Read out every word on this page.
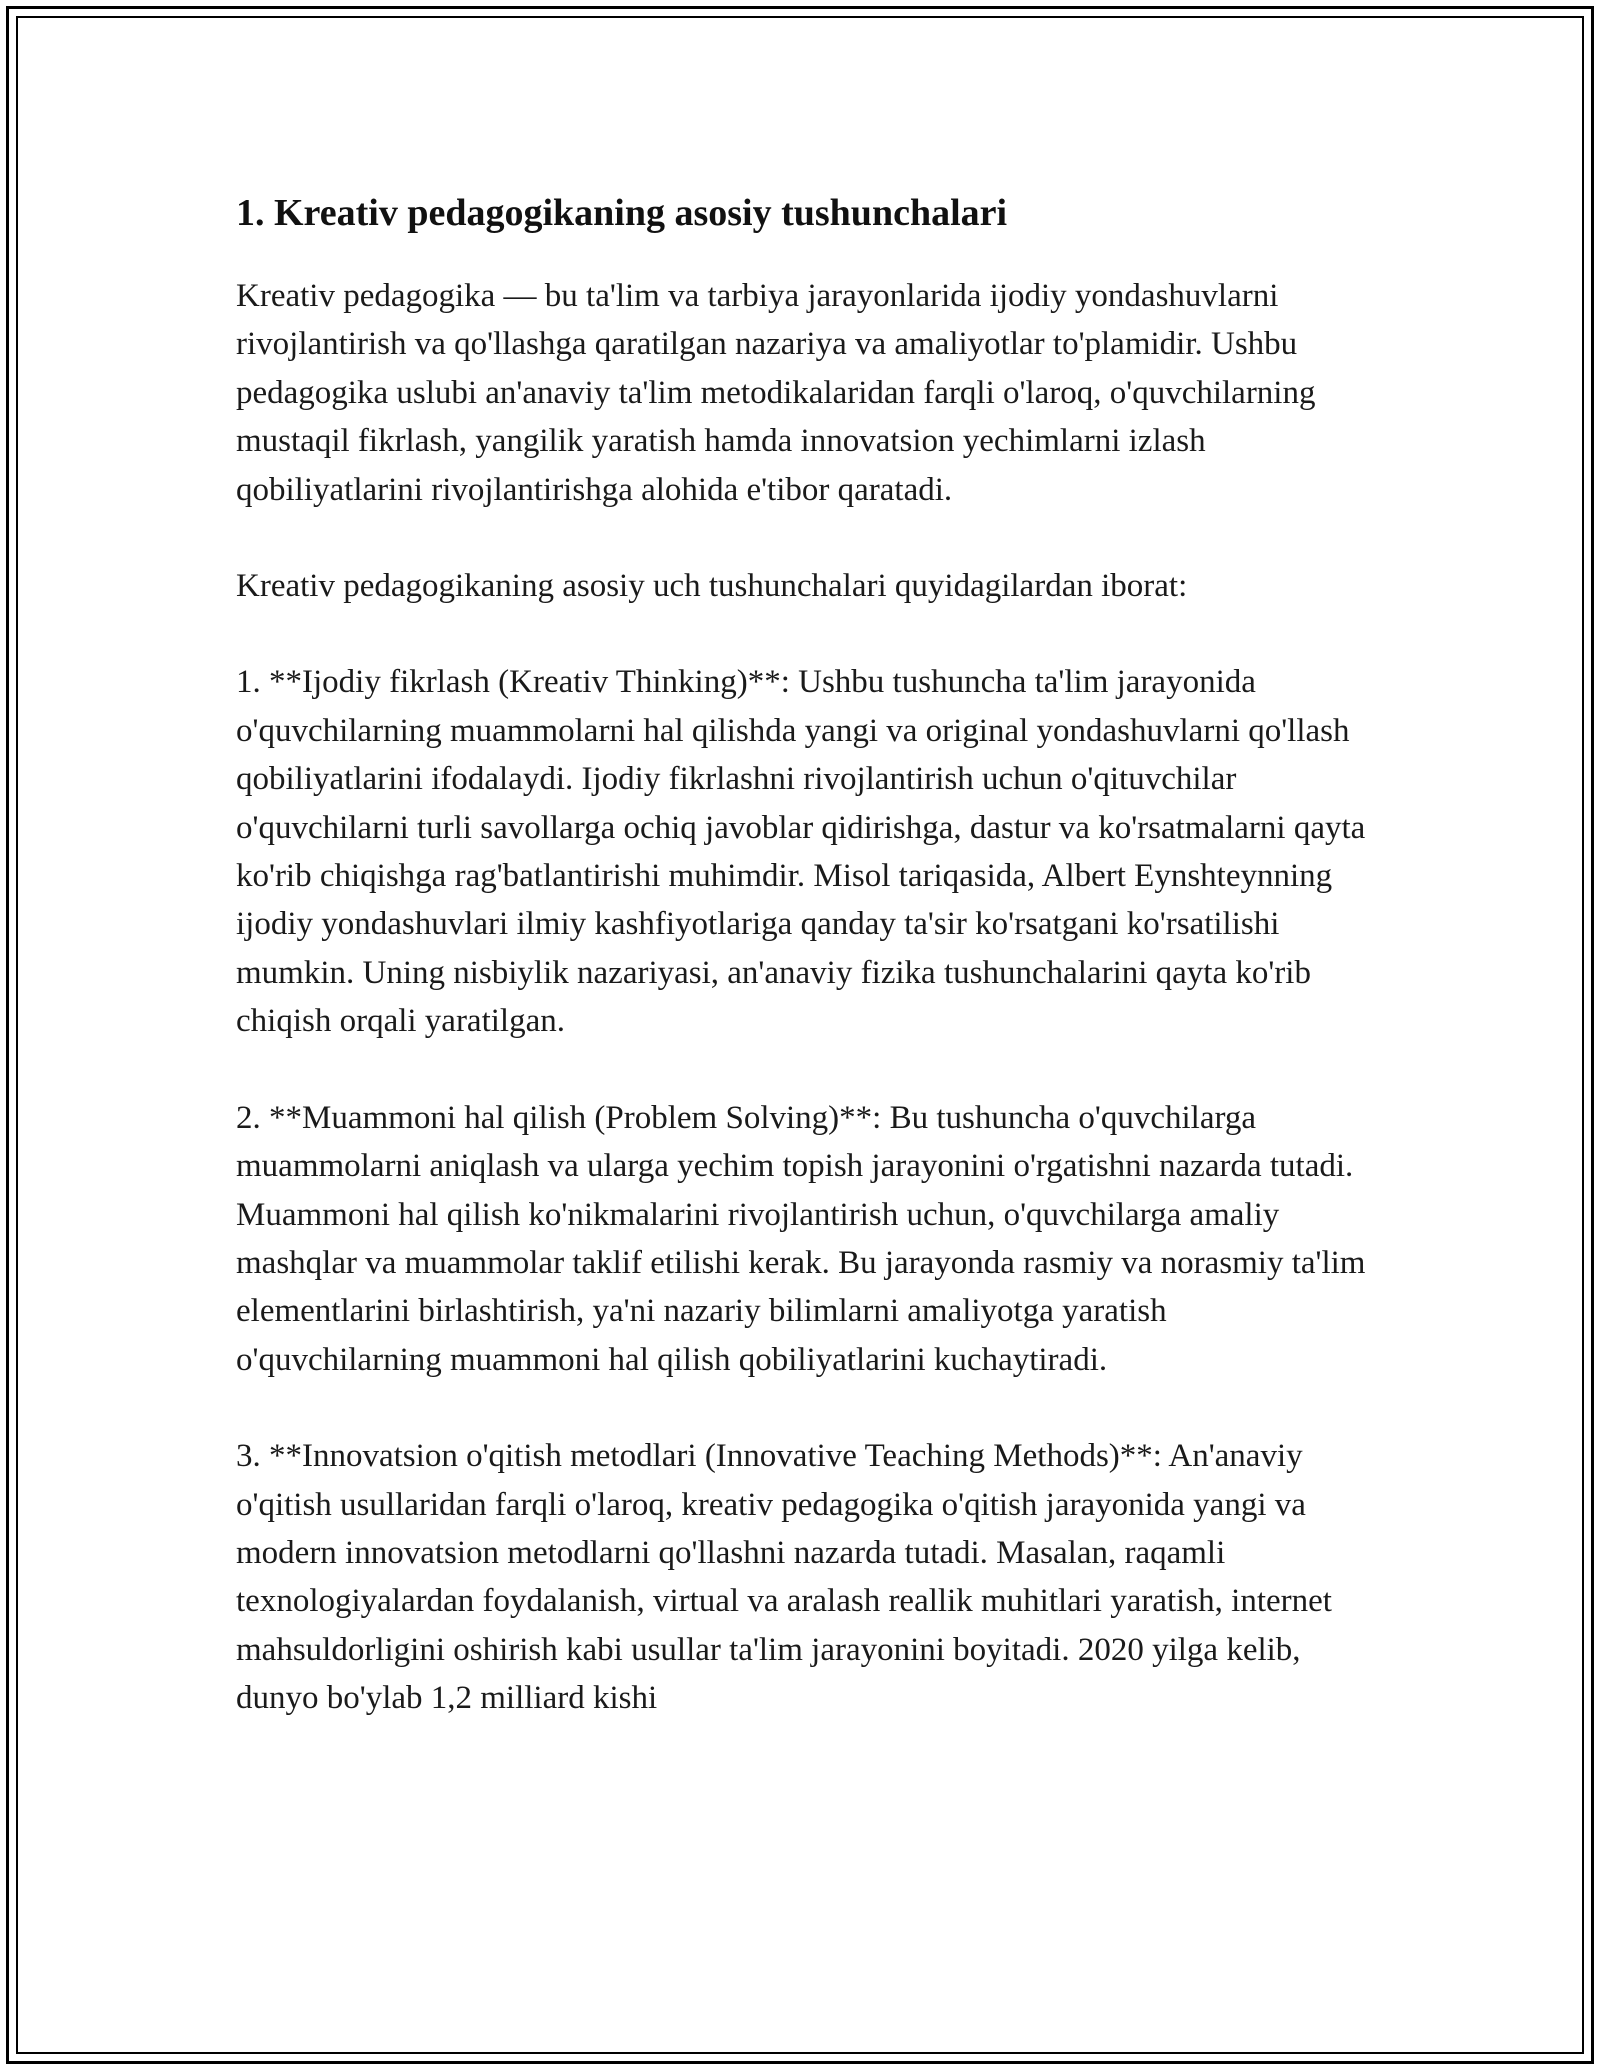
1. Kreativ pedagogikaning asosiy tushunchalari

Kreativ pedagogika — bu ta'lim va tarbiya jarayonlarida ijodiy yondashuvlarni rivojlantirish va qo'llashga qaratilgan nazariya va amaliyotlar to'plamidir. Ushbu pedagogika uslubi an'anaviy ta'lim metodikalaridan farqli o'laroq, o'quvchilarning mustaqil fikrlash, yangilik yaratish hamda innovatsion yechimlarni izlash qobiliyatlarini rivojlantirishga alohida e'tibor qaratadi.

Kreativ pedagogikaning asosiy uch tushunchalari quyidagilardan iborat:

1. **Ijodiy fikrlash (Kreativ Thinking)**: Ushbu tushuncha ta'lim jarayonida o'quvchilarning muammolarni hal qilishda yangi va original yondashuvlarni qo'llash qobiliyatlarini ifodalaydi. Ijodiy fikrlashni rivojlantirish uchun o'qituvchilar o'quvchilarni turli savollarga ochiq javoblar qidirishga, dastur va ko'rsatmalarni qayta ko'rib chiqishga rag'batlantirishi muhimdir. Misol tariqasida, Albert Eynshteynning ijodiy yondashuvlari ilmiy kashfiyotlariga qanday ta'sir ko'rsatgani ko'rsatilishi mumkin. Uning nisbiylik nazariyasi, an'anaviy fizika tushunchalarini qayta ko'rib chiqish orqali yaratilgan.

2. **Muammoni hal qilish (Problem Solving)**: Bu tushuncha o'quvchilarga muammolarni aniqlash va ularga yechim topish jarayonini o'rgatishni nazarda tutadi. Muammoni hal qilish ko'nikmalarini rivojlantirish uchun, o'quvchilarga amaliy mashqlar va muammolar taklif etilishi kerak. Bu jarayonda rasmiy va norasmiy ta'lim elementlarini birlashtirish, ya'ni nazariy bilimlarni amaliyotga yaratish o'quvchilarning muammoni hal qilish qobiliyatlarini kuchaytiradi.

3. **Innovatsion o'qitish metodlari (Innovative Teaching Methods)**: An'anaviy o'qitish usullaridan farqli o'laroq, kreativ pedagogika o'qitish jarayonida yangi va modern innovatsion metodlarni qo'llashni nazarda tutadi. Masalan, raqamli texnologiyalardan foydalanish, virtual va aralash reallik muhitlari yaratish, internet mahsuldorligini oshirish kabi usullar ta'lim jarayonini boyitadi. 2020 yilga kelib, dunyo bo'ylab 1,2 milliard kishi
